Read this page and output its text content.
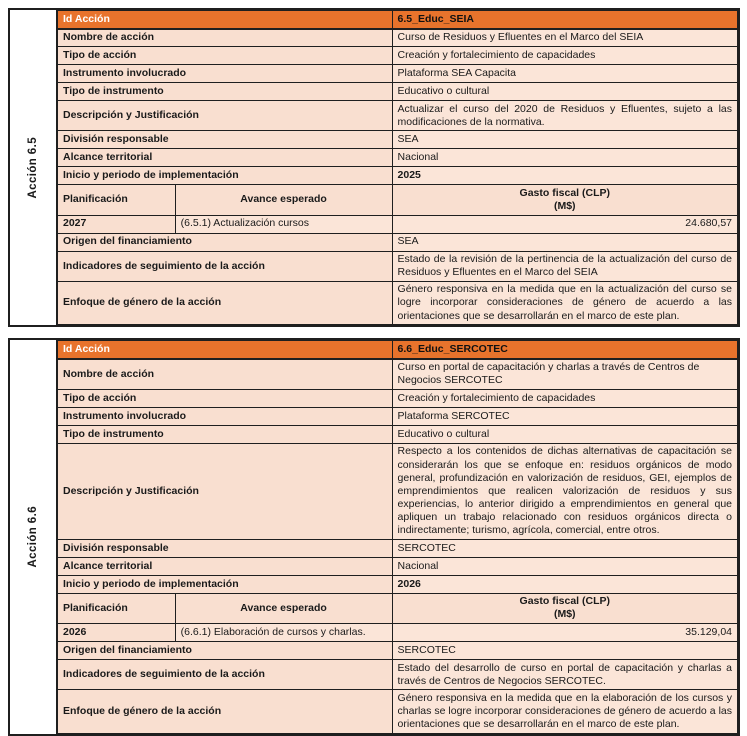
Acción 6.5
Id Acción		6.5_Educ_SEIA
Nombre de acción		Curso de Residuos y Efluentes en el Marco del SEIA
Tipo de acción		Creación y fortalecimiento de capacidades
Instrumento involucrado		Plataforma SEA Capacita
Tipo de instrumento		Educativo o cultural
Descripción y Justificación		Actualizar el curso del 2020 de Residuos y Efluentes, sujeto a las modificaciones de la normativa.
División responsable		SEA
Alcance territorial		Nacional
Inicio y periodo de implementación		2025
Planificación	Avance esperado	Gasto fiscal (CLP)
(M$)

2027	(6.5.1) Actualización cursos	24.680,57
Origen del financiamiento		SEA
Indicadores de seguimiento de la acción		Estado de la revisión de la pertinencia de la actualización del curso de Residuos y Efluentes en el Marco del SEIA
Enfoque de género de la acción		Género responsiva en la medida que en la actualización del curso se logre incorporar consideraciones de género de acuerdo a las orientaciones que se desarrollarán en el marco de este plan.
Acción 6.6
Id Acción		6.6_Educ_SERCOTEC
Nombre de acción		Curso en portal de capacitación y charlas a través de Centros de Negocios SERCOTEC
Tipo de acción		Creación y fortalecimiento de capacidades
Instrumento involucrado		Plataforma SERCOTEC
Tipo de instrumento		Educativo o cultural
Descripción y Justificación		Respecto a los contenidos de dichas alternativas de capacitación se considerarán los que se enfoque en: residuos orgánicos de modo general, profundización en valorización de residuos, GEI, ejemplos de emprendimientos que realicen valorización de residuos y sus experiencias, lo anterior dirigido a emprendimientos en general que apliquen un trabajo relacionado con residuos orgánicos directa o indirectamente; turismo, agrícola, comercial, entre otros.
División responsable		SERCOTEC
Alcance territorial		Nacional
Inicio y periodo de implementación		2026
Planificación	Avance esperado	Gasto fiscal (CLP)
(M$)

2026	(6.6.1) Elaboración de cursos y charlas.	35.129,04
Origen del financiamiento		SERCOTEC
Indicadores de seguimiento de la acción		Estado del desarrollo de curso en portal de capacitación y charlas a través de Centros de Negocios SERCOTEC.
Enfoque de género de la acción		Género responsiva en la medida que en la elaboración de los cursos y charlas se logre incorporar consideraciones de género de acuerdo a las orientaciones que se desarrollarán en el marco de este plan.
